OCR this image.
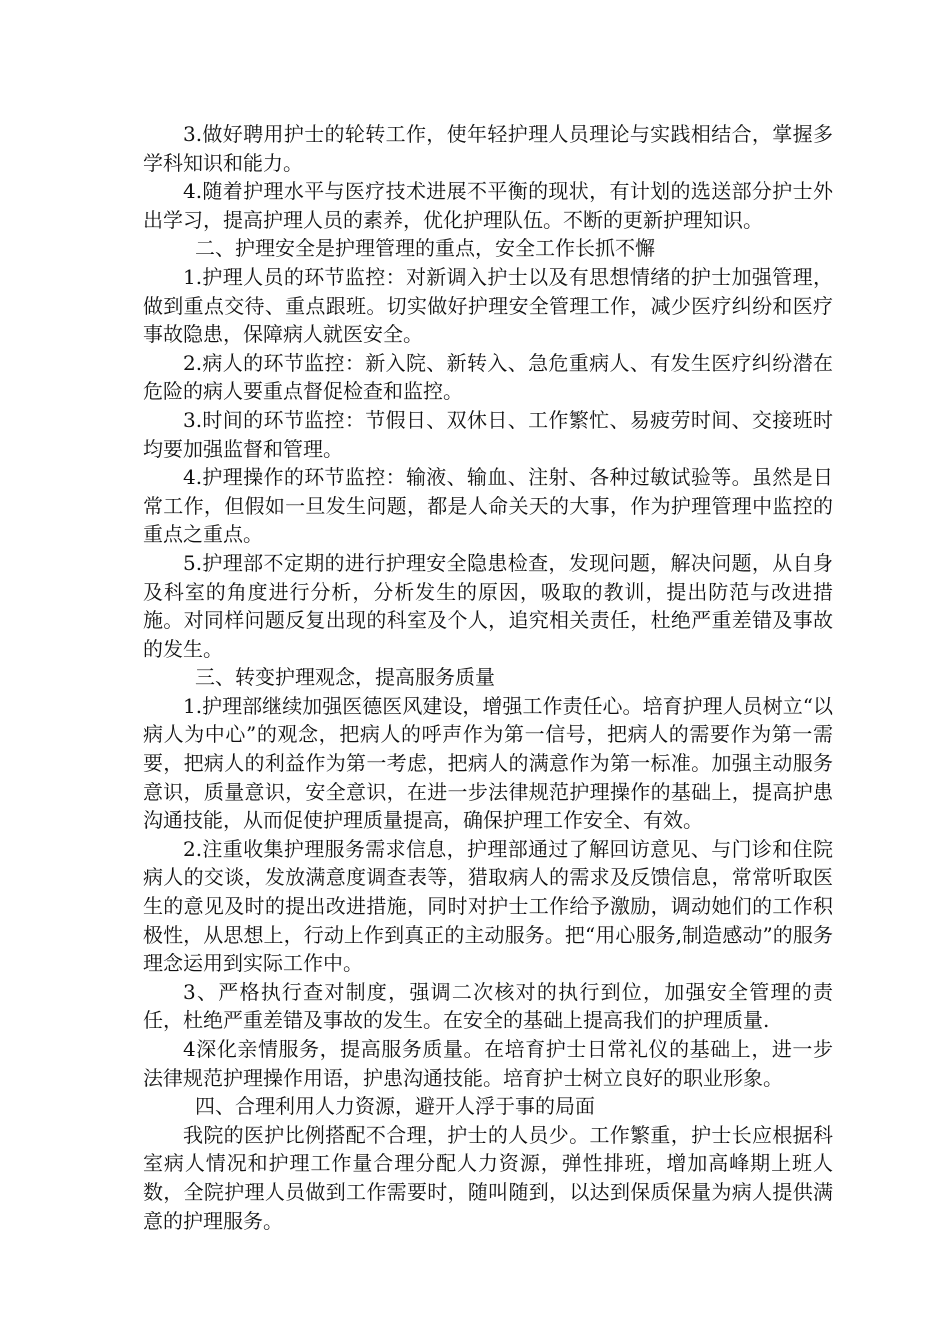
3.做好聘用护士的轮转工作，使年轻护理人员理论与实践相结合，掌握多学科知识和能力。

4.随着护理水平与医疗技术进展不平衡的现状，有计划的选送部分护士外出学习，提高护理人员的素养，优化护理队伍。不断的更新护理知识。

二、护理安全是护理管理的重点，安全工作长抓不懈

1.护理人员的环节监控：对新调入护士以及有思想情绪的护士加强管理，做到重点交待、重点跟班。切实做好护理安全管理工作，减少医疗纠纷和医疗事故隐患，保障病人就医安全。

2.病人的环节监控：新入院、新转入、急危重病人、有发生医疗纠纷潜在危险的病人要重点督促检查和监控。

3.时间的环节监控：节假日、双休日、工作繁忙、易疲劳时间、交接班时均要加强监督和管理。

4.护理操作的环节监控：输液、输血、注射、各种过敏试验等。虽然是日常工作，但假如一旦发生问题，都是人命关天的大事，作为护理管理中监控的重点之重点。

5.护理部不定期的进行护理安全隐患检查，发现问题，解决问题，从自身及科室的角度进行分析，分析发生的原因，吸取的教训，提出防范与改进措施。对同样问题反复出现的科室及个人，追究相关责任，杜绝严重差错及事故的发生。

三、转变护理观念，提高服务质量

1.护理部继续加强医德医风建设，增强工作责任心。培育护理人员树立“以病人为中心”的观念，把病人的呼声作为第一信号，把病人的需要作为第一需要，把病人的利益作为第一考虑，把病人的满意作为第一标准。加强主动服务意识，质量意识，安全意识，在进一步法律规范护理操作的基础上，提高护患沟通技能，从而促使护理质量提高，确保护理工作安全、有效。

2.注重收集护理服务需求信息，护理部通过了解回访意见、与门诊和住院病人的交谈，发放满意度调查表等，猎取病人的需求及反馈信息，常常听取医生的意见及时的提出改进措施，同时对护士工作给予激励，调动她们的工作积极性，从思想上，行动上作到真正的主动服务。把“用心服务,制造感动”的服务理念运用到实际工作中。

3、严格执行查对制度，强调二次核对的执行到位，加强安全管理的责任，杜绝严重差错及事故的发生。在安全的基础上提高我们的护理质量.

4深化亲情服务，提高服务质量。在培育护士日常礼仪的基础上，进一步法律规范护理操作用语，护患沟通技能。培育护士树立良好的职业形象。

四、合理利用人力资源，避开人浮于事的局面

我院的医护比例搭配不合理，护士的人员少。工作繁重，护士长应根据科室病人情况和护理工作量合理分配人力资源，弹性排班，增加高峰期上班人数，全院护理人员做到工作需要时，随叫随到，以达到保质保量为病人提供满意的护理服务。
